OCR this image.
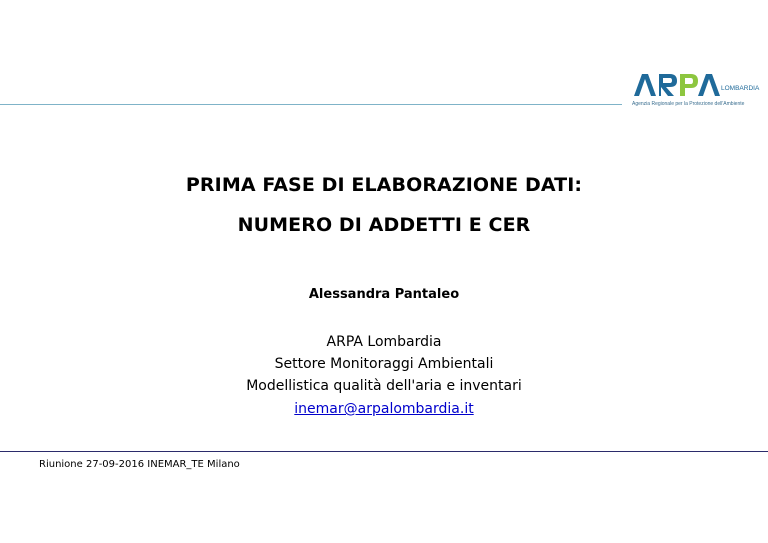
LOMBARDIA
Agenzia Regionale per la Protezione dell'Ambiente
PRIMA FASE DI ELABORAZIONE DATI:
NUMERO DI ADDETTI E CER
Alessandra Pantaleo
ARPA Lombardia
Settore Monitoraggi Ambientali
Modellistica qualità dell'aria e inventari
inemar@arpalombardia.it
Riunione 27-09-2016 INEMAR_TE Milano
